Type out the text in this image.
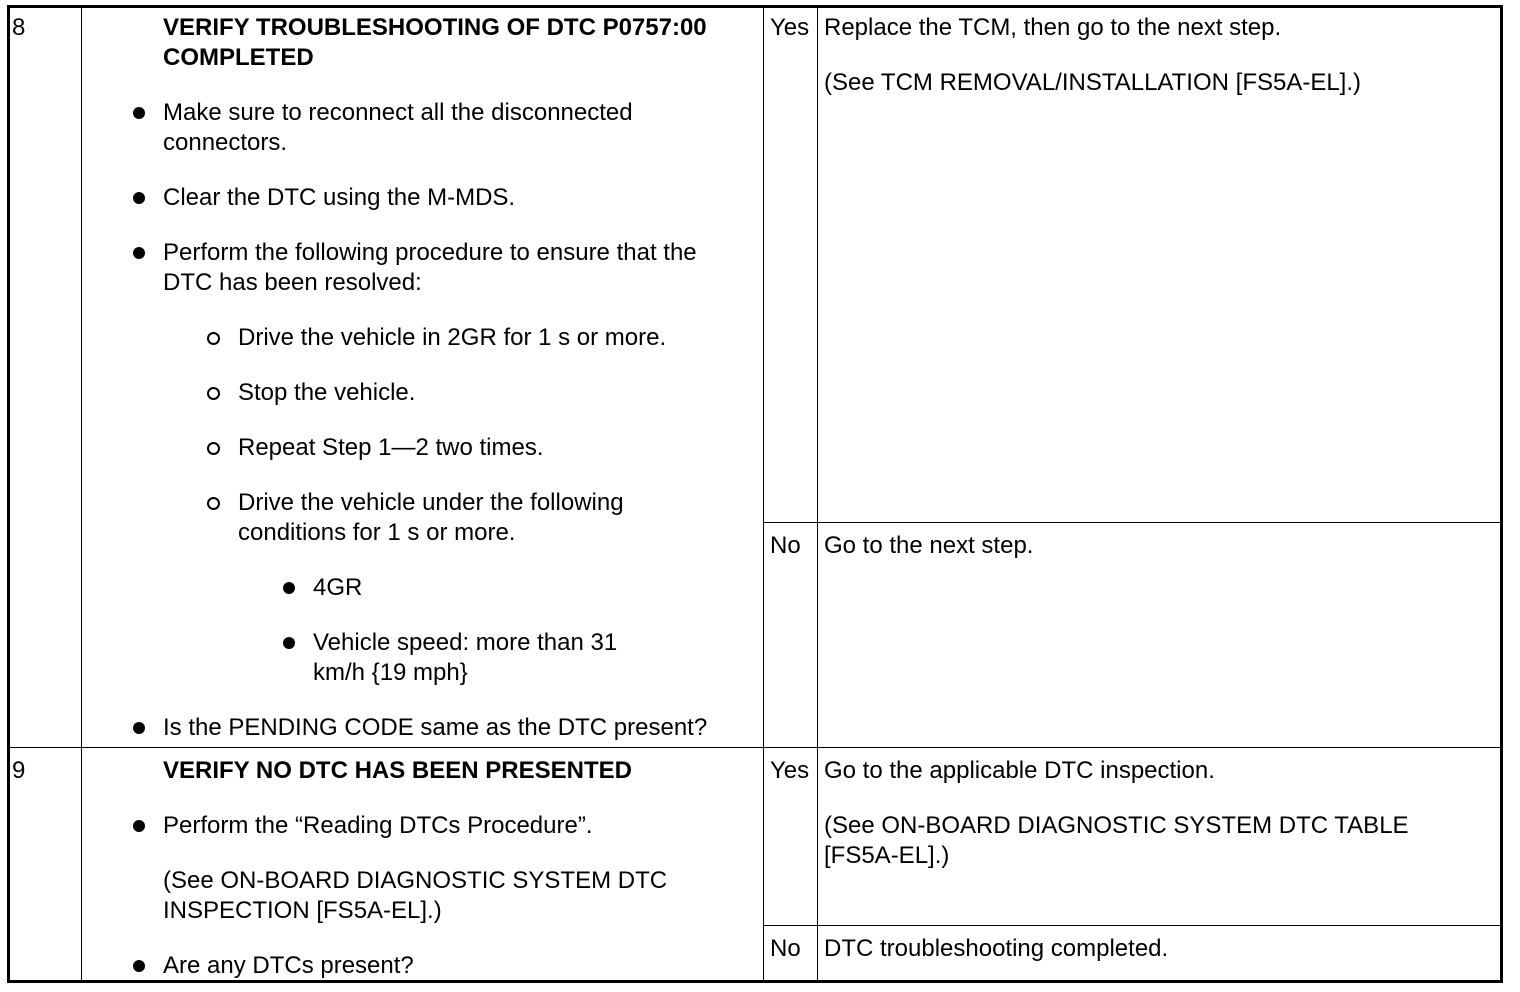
8	VERIFY TROUBLESHOOTING OF DTC P0757:00
COMPLETED
Make sure to reconnect all the disconnected
connectors.
Clear the DTC using the M-MDS.
Perform the following procedure to ensure that the
DTC has been resolved:
Drive the vehicle in 2GR for 1 s or more.
Stop the vehicle.
Repeat Step 1—2 two times.
Drive the vehicle under the following
conditions for 1 s or more.
4GR
Vehicle speed: more than 31
km/h {19 mph}
Is the PENDING CODE same as the DTC present?
Yes Replace the TCM, then go to the next step.
(See TCM REMOVAL/INSTALLATION [FS5A-EL].)
No Go to the next step.
9	VERIFY NO DTC HAS BEEN PRESENTED
Perform the “Reading DTCs Procedure”.
(See ON-BOARD DIAGNOSTIC SYSTEM DTC
INSPECTION [FS5A-EL].)
Are any DTCs present?
Yes Go to the applicable DTC inspection.
(See ON-BOARD DIAGNOSTIC SYSTEM DTC TABLE
[FS5A-EL].)
No DTC troubleshooting completed.
